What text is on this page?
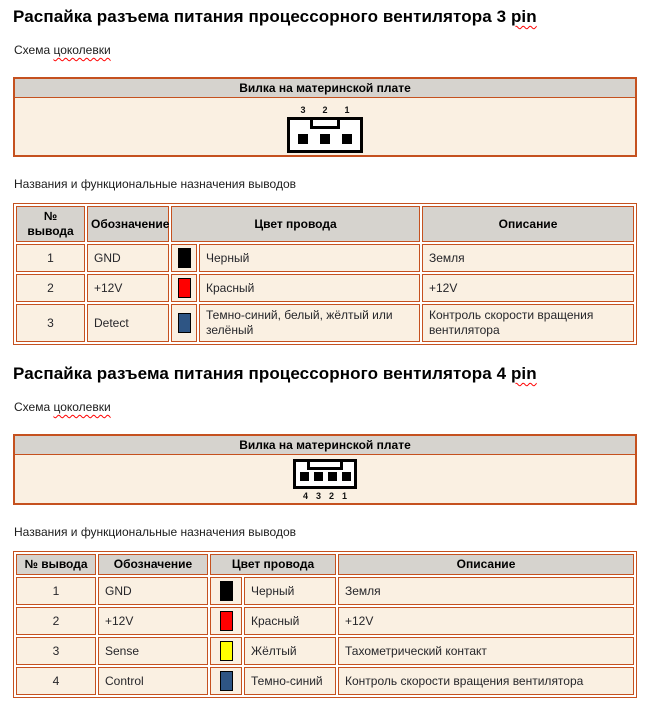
Распайка разъема питания процессорного вентилятора 3 pin

Схема цоколевки

Вилка на материнской плате

3 2 1

Названия и функциональные назначения выводов

№ вывода	Обозначение	Цвет провода		Описание
1	GND		Черный	Земля
2	+12V		Красный	+12V
3	Detect		Темно-синий, белый, жёлтый или зелёный	Контроль скорости вращения вентилятора
Распайка разъема питания процессорного вентилятора 4 pin

Схема цоколевки

Вилка на материнской плате

4 3 2 1

Названия и функциональные назначения выводов

№ вывода	Обозначение	Цвет провода		Описание
1	GND		Черный	Земля
2	+12V		Красный	+12V
3	Sense		Жёлтый	Тахометрический контакт
4	Control		Темно-синий	Контроль скорости вращения вентилятора
